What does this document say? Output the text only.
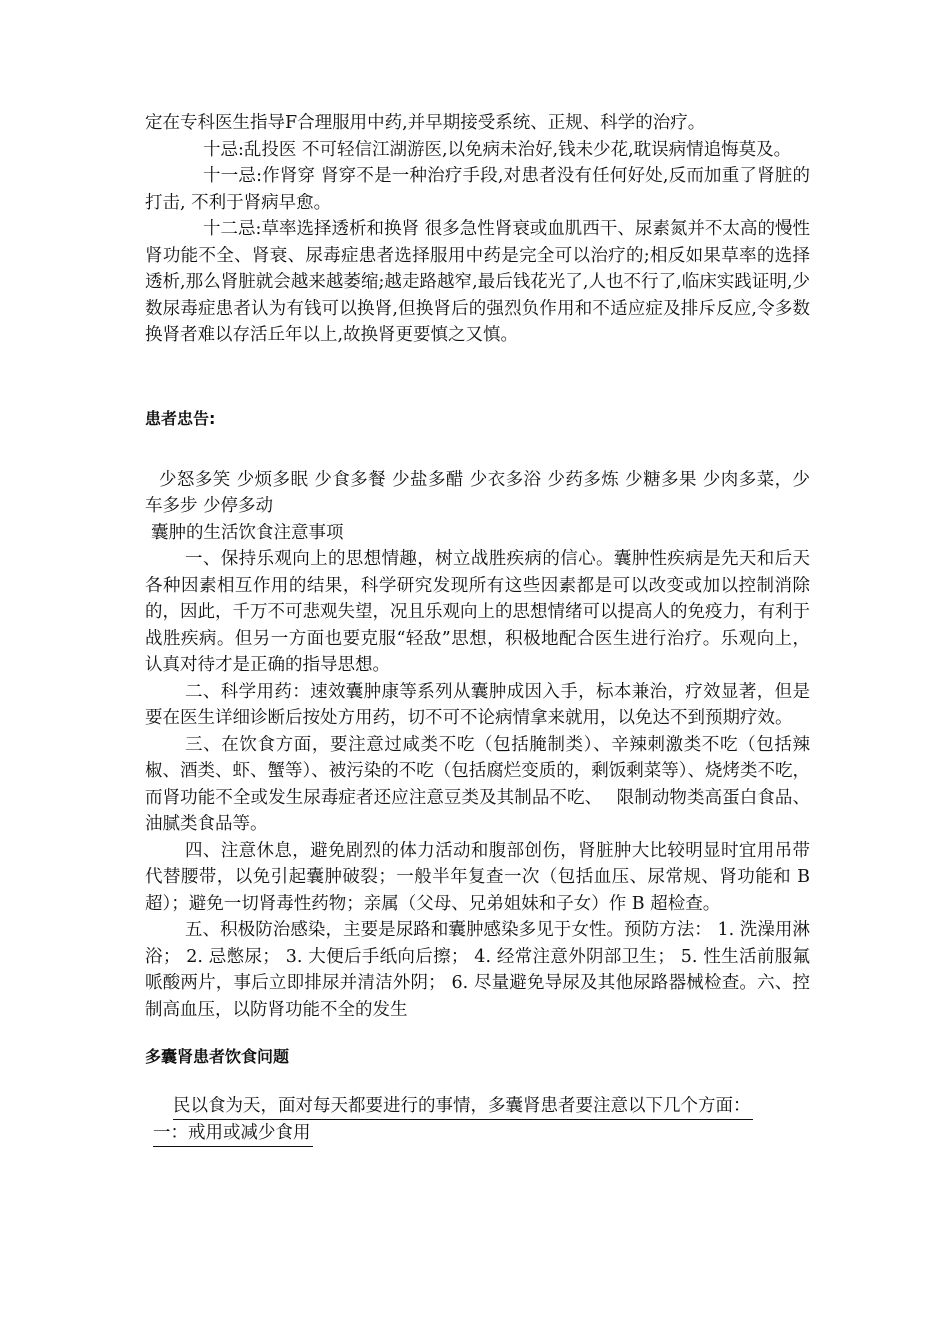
定在专科医生指导F合理服用中药,并早期接受系统、正规、科学的治疗。

十忌:乱投医 不可轻信江湖游医,以免病未治好,钱未少花,耽误病情追悔莫及。

十一忌:作肾穿 肾穿不是一种治疗手段,对患者没有任何好处,反而加重了肾脏的打击, 不利于肾病早愈。

十二忌:草率选择透析和换肾 很多急性肾衰或血肌西干、尿素氮并不太高的慢性肾功能不全、肾衰、尿毒症患者选择服用中药是完全可以治疗的;相反如果草率的选择透析,那么肾脏就会越来越萎缩;越走路越窄,最后钱花光了,人也不行了,临床实践证明,少数尿毒症患者认为有钱可以换肾,但换肾后的强烈负作用和不适应症及排斥反应,令多数换肾者难以存活丘年以上,故换肾更要慎之又慎。

患者忠告:

少怒多笑 少烦多眠 少食多餐 少盐多醋 少衣多浴 少药多炼 少糖多果 少肉多菜，少车多步 少停多动

囊肿的生活饮食注意事项

一、保持乐观向上的思想情趣，树立战胜疾病的信心。囊肿性疾病是先天和后天各种因素相互作用的结果，科学研究发现所有这些因素都是可以改变或加以控制消除的，因此，千万不可悲观失望，况且乐观向上的思想情绪可以提高人的免疫力，有利于战胜疾病。但另一方面也要克服“轻敌”思想，积极地配合医生进行治疗。乐观向上，认真对待才是正确的指导思想。

二、科学用药：速效囊肿康等系列从囊肿成因入手，标本兼治，疗效显著，但是要在医生详细诊断后按处方用药，切不可不论病情拿来就用，以免达不到预期疗效。

三、在饮食方面，要注意过咸类不吃（包括腌制类）、辛辣刺激类不吃（包括辣椒、酒类、虾、蟹等）、被污染的不吃（包括腐烂变质的，剩饭剩菜等）、烧烤类不吃，而肾功能不全或发生尿毒症者还应注意豆类及其制品不吃、　 限制动物类高蛋白食品、油腻类食品等。

四、注意休息，避免剧烈的体力活动和腹部创伤，肾脏肿大比较明显时宜用吊带代替腰带，以免引起囊肿破裂；一般半年复查一次（包括血压、尿常规、肾功能和 B 超）；避免一切肾毒性药物；亲属（父母、兄弟姐妹和子女）作 B 超检查。

五、积极防治感染，主要是尿路和囊肿感染多见于女性。预防方法： 1. 洗澡用淋浴； 2. 忌憋尿； 3. 大便后手纸向后擦； 4. 经常注意外阴部卫生； 5. 性生活前服氟哌酸两片，事后立即排尿并清洁外阴； 6. 尽量避免导尿及其他尿路器械检查。六、控制高血压，以防肾功能不全的发生

多囊肾患者饮食问题

民以食为天，面对每天都要进行的事情，多囊肾患者要注意以下几个方面：

一：戒用或减少食用
